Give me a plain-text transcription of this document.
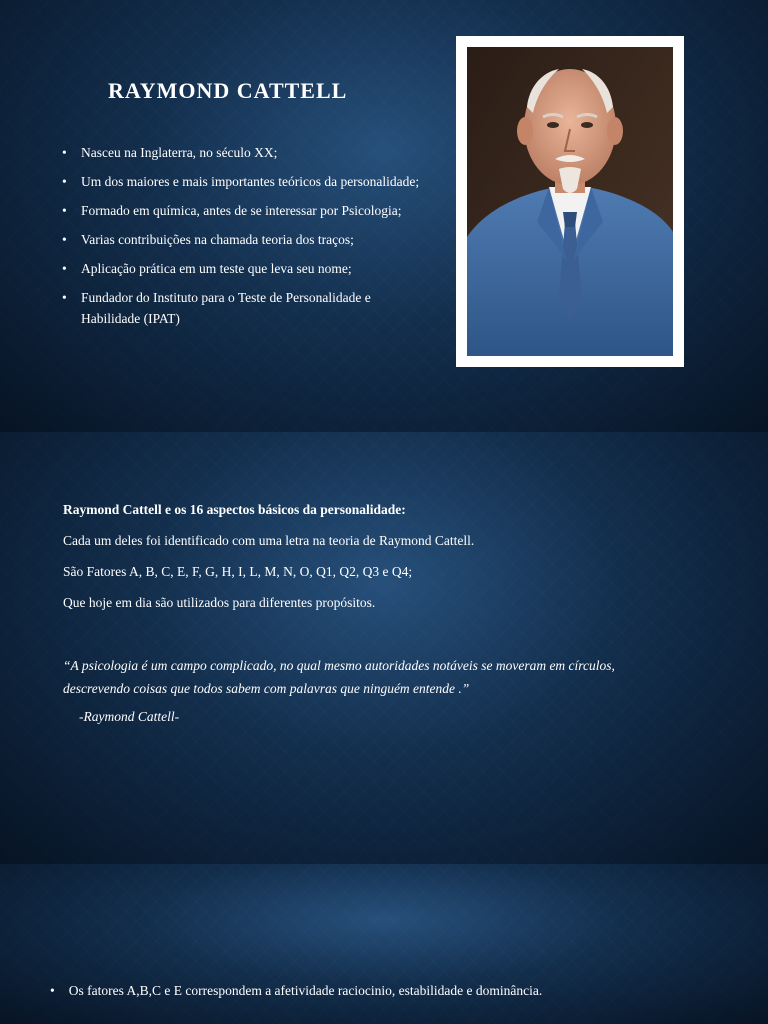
RAYMOND CATTELL
• Nasceu na Inglaterra, no século XX;
• Um dos maiores e mais importantes teóricos da personalidade;
• Formado em química, antes de se interessar por Psicologia;
• Varias contribuições na chamada teoria dos traços;
• Aplicação prática em um teste que leva seu nome;
• Fundador do Instituto para o Teste de Personalidade e Habilidade (IPAT)
Raymond Cattell e os 16 aspectos básicos da personalidade:
Cada um deles foi identificado com uma letra na teoria de Raymond Cattell.
São Fatores A, B, C, E, F, G, H, I, L, M, N, O, Q1, Q2, Q3 e Q4;
Que hoje em dia são utilizados para diferentes propósitos.
“A psicologia é um campo complicado, no qual mesmo autoridades notáveis se moveram em círculos, descrevendo coisas que todos sabem com palavras que ninguém entende .”
-Raymond Cattell-
• Os fatores A,B,C e E correspondem a afetividade raciocinio, estabilidade e dominância.
